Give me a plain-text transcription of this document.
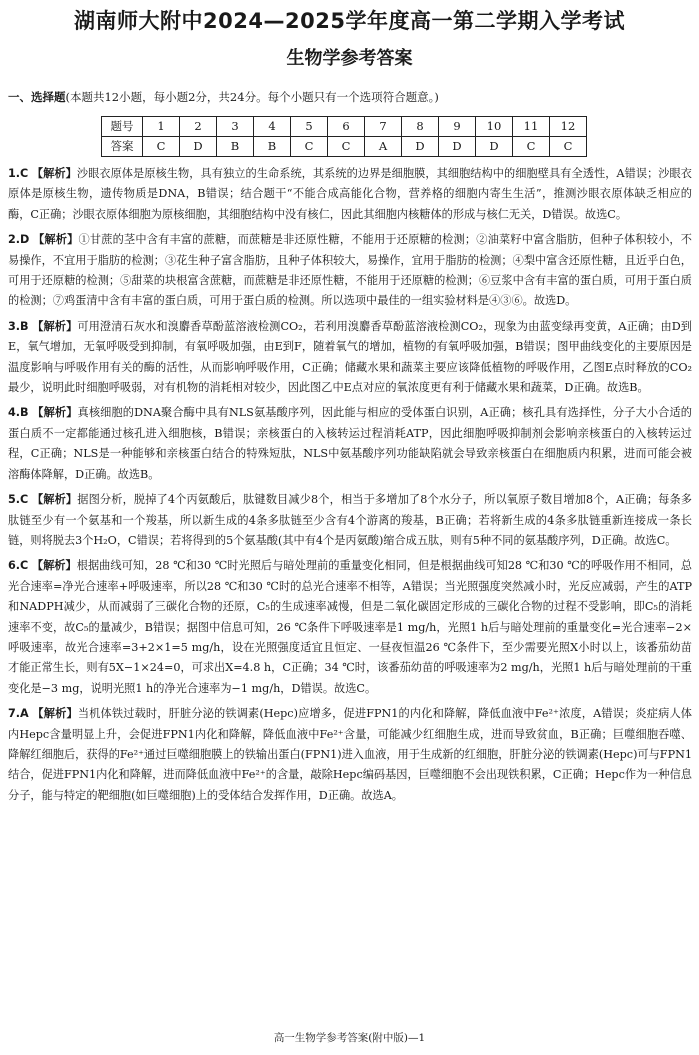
湖南师大附中2024—2025学年度高一第二学期入学考试
生物学参考答案
一、选择题(本题共12小题，每小题2分，共24分。每个小题只有一个选项符合题意。)
题号	1	2	3	4	5	6	7	8	9	10	11	12
答案	C	D	B	B	C	C	A	D	D	D	C	C
1.C 【解析】沙眼衣原体是原核生物，具有独立的生命系统，其系统的边界是细胞膜，其细胞结构中的细胞壁具有全透性，A错误；沙眼衣原体是原核生物，遗传物质是DNA，B错误；结合题干“不能合成高能化合物，营养格的细胞内寄生生活”，推测沙眼衣原体缺乏相应的酶，C正确；沙眼衣原体细胞为原核细胞，其细胞结构中没有核仁，因此其细胞内核糖体的形成与核仁无关，D错误。故选C。
2.D 【解析】①甘蔗的茎中含有丰富的蔗糖，而蔗糖是非还原性糖，不能用于还原糖的检测；②油菜籽中富含脂肪，但种子体积较小，不易操作，不宜用于脂肪的检测；③花生种子富含脂肪，且种子体积较大，易操作，宜用于脂肪的检测；④梨中富含还原性糖，且近乎白色，可用于还原糖的检测；⑤甜菜的块根富含蔗糖，而蔗糖是非还原性糖，不能用于还原糖的检测；⑥豆浆中含有丰富的蛋白质，可用于蛋白质的检测；⑦鸡蛋清中含有丰富的蛋白质，可用于蛋白质的检测。所以选项中最佳的一组实验材料是④③⑥。故选D。
3.B 【解析】可用澄清石灰水和溴麝香草酚蓝溶液检测CO₂，若利用溴麝香草酚蓝溶液检测CO₂，现象为由蓝变绿再变黄，A正确；由D到E，氧气增加，无氧呼吸受到抑制，有氧呼吸加强，由E到F，随着氧气的增加，植物的有氧呼吸加强，B错误；图甲曲线变化的主要原因是温度影响与呼吸作用有关的酶的活性，从而影响呼吸作用，C正确；储藏水果和蔬菜主要应该降低植物的呼吸作用，乙图E点时释放的CO₂最少，说明此时细胞呼吸弱，对有机物的消耗相对较少，因此图乙中E点对应的氧浓度更有利于储藏水果和蔬菜，D正确。故选B。
4.B 【解析】真核细胞的DNA聚合酶中具有NLS氨基酸序列，因此能与相应的受体蛋白识别，A正确；核孔具有选择性，分子大小合适的蛋白质不一定都能通过核孔进入细胞核，B错误；亲核蛋白的入核转运过程消耗ATP，因此细胞呼吸抑制剂会影响亲核蛋白的入核转运过程，C正确；NLS是一种能够和亲核蛋白结合的特殊短肽，NLS中氨基酸序列功能缺陷就会导致亲核蛋白在细胞质内积累，进而可能会被溶酶体降解，D正确。故选B。
5.C 【解析】据图分析，脱掉了4个丙氨酸后，肽键数目减少8个，相当于多增加了8个水分子，所以氧原子数目增加8个，A正确；每条多肽链至少有一个氨基和一个羧基，所以新生成的4条多肽链至少含有4个游离的羧基，B正确；若将新生成的4条多肽链重新连接成一条长链，则将脱去3个H₂O，C错误；若将得到的5个氨基酸(其中有4个是丙氨酸)缩合成五肽，则有5种不同的氨基酸序列，D正确。故选C。
6.C 【解析】根据曲线可知，28 ℃和30 ℃时光照后与暗处理前的重量变化相同，但是根据曲线可知28 ℃和30 ℃的呼吸作用不相同，总光合速率=净光合速率+呼吸速率，所以28 ℃和30 ℃时的总光合速率不相等，A错误；当光照强度突然减小时，光反应减弱，产生的ATP和NADPH减少，从而减弱了三碳化合物的还原，C₅的生成速率减慢，但是二氧化碳固定形成的三碳化合物的过程不受影响，即C₅的消耗速率不变，故C₅的量减少，B错误；据图中信息可知，26 ℃条件下呼吸速率是1 mg/h，光照1 h后与暗处理前的重量变化=光合速率−2×呼吸速率，故光合速率=3+2×1=5 mg/h，设在光照强度适宜且恒定、一昼夜恒温26 ℃条件下，至少需要光照X小时以上，该番茄幼苗才能正常生长，则有5X−1×24=0，可求出X=4.8 h，C正确；34 ℃时，该番茄幼苗的呼吸速率为2 mg/h，光照1 h后与暗处理前的干重变化是−3 mg，说明光照1 h的净光合速率为−1 mg/h，D错误。故选C。
7.A 【解析】当机体铁过载时，肝脏分泌的铁调素(Hepc)应增多，促进FPN1的内化和降解，降低血液中Fe²⁺浓度，A错误；炎症病人体内Hepc含量明显上升，会促进FPN1内化和降解，降低血液中Fe²⁺含量，可能减少红细胞生成，进而导致贫血，B正确；巨噬细胞吞噬、降解红细胞后，获得的Fe²⁺通过巨噬细胞膜上的铁输出蛋白(FPN1)进入血液，用于生成新的红细胞，肝脏分泌的铁调素(Hepc)可与FPN1结合，促进FPN1内化和降解，进而降低血液中Fe²⁺的含量，敲除Hepc编码基因，巨噬细胞不会出现铁积累，C正确；Hepc作为一种信息分子，能与特定的靶细胞(如巨噬细胞)上的受体结合发挥作用，D正确。故选A。
高一生物学参考答案(附中版)—1
